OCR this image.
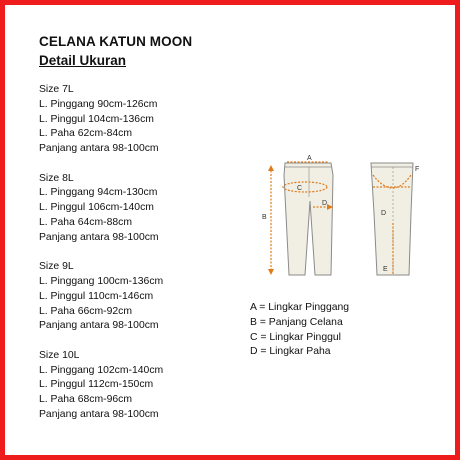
CELANA KATUN MOON
Detail Ukuran
Size 7L
L. Pinggang 90cm-126cm
L. Pinggul 104cm-136cm
L. Paha 62cm-84cm
Panjang antara 98-100cm
Size 8L
L. Pinggang 94cm-130cm
L. Pinggul 106cm-140cm
L. Paha 64cm-88cm
Panjang antara 98-100cm
Size 9L
L. Pinggang 100cm-136cm
L. Pinggul 110cm-146cm
L. Paha 66cm-92cm
Panjang antara 98-100cm
Size 10L
L. Pinggang 102cm-140cm
L. Pinggul 112cm-150cm
L. Paha 68cm-96cm
Panjang antara 98-100cm
A
B
C
D
D
E
F
A = Lingkar Pinggang
B = Panjang Celana
C = Lingkar Pinggul
D = Lingkar Paha
